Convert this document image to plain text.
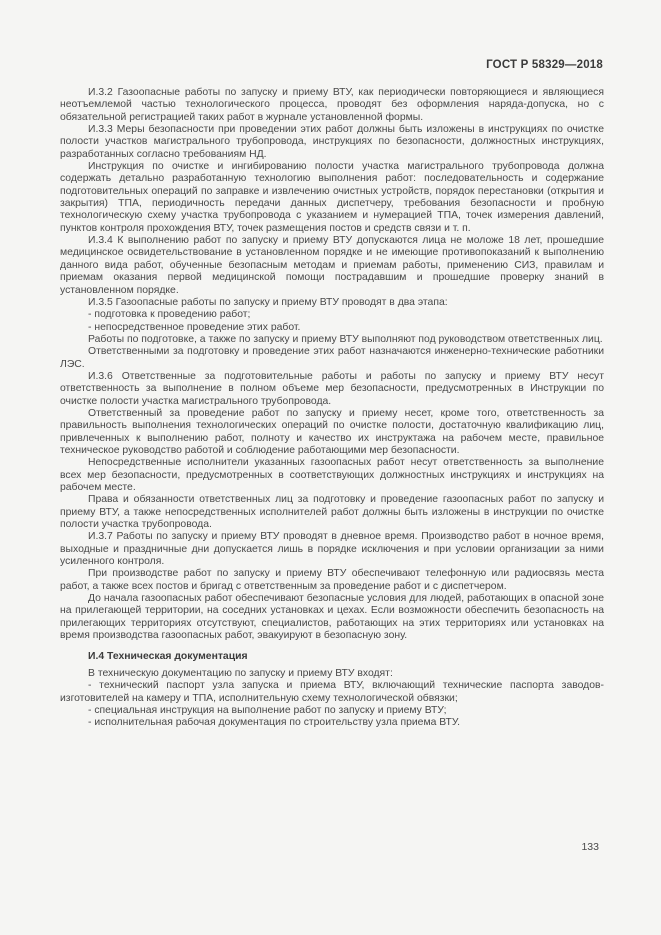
ГОСТ Р 58329—2018

И.3.2 Газоопасные работы по запуску и приему ВТУ, как периодически повторяющиеся и являющиеся неотъемлемой частью технологического процесса, проводят без оформления наряда-допуска, но с обязательной регистрацией таких работ в журнале установленной формы.

И.3.3 Меры безопасности при проведении этих работ должны быть изложены в инструкциях по очистке полости участков магистрального трубопровода, инструкциях по безопасности, должностных инструкциях, разработанных согласно требованиям НД.

Инструкция по очистке и ингибированию полости участка магистрального трубопровода должна содержать детально разработанную технологию выполнения работ: последовательность и содержание подготовительных операций по заправке и извлечению очистных устройств, порядок перестановки (открытия и закрытия) ТПА, периодичность передачи данных диспетчеру, требования безопасности и пробную технологическую схему участка трубопровода с указанием и нумерацией ТПА, точек измерения давлений, пунктов контроля прохождения ВТУ, точек размещения постов и средств связи и т. п.

И.3.4 К выполнению работ по запуску и приему ВТУ допускаются лица не моложе 18 лет, прошедшие медицинское освидетельствование в установленном порядке и не имеющие противопоказаний к выполнению данного вида работ, обученные безопасным методам и приемам работы, применению СИЗ, правилам и приемам оказания первой медицинской помощи пострадавшим и прошедшие проверку знаний в установленном порядке.

И.3.5 Газоопасные работы по запуску и приему ВТУ проводят в два этапа:

- подготовка к проведению работ;

- непосредственное проведение этих работ.

Работы по подготовке, а также по запуску и приему ВТУ выполняют под руководством ответственных лиц.

Ответственными за подготовку и проведение этих работ назначаются инженерно-технические работники ЛЭС.

И.3.6 Ответственные за подготовительные работы и работы по запуску и приему ВТУ несут ответственность за выполнение в полном объеме мер безопасности, предусмотренных в Инструкции по очистке полости участка магистрального трубопровода.

Ответственный за проведение работ по запуску и приему несет, кроме того, ответственность за правильность выполнения технологических операций по очистке полости, достаточную квалификацию лиц, привлеченных к выполнению работ, полноту и качество их инструктажа на рабочем месте, правильное техническое руководство работой и соблюдение работающими мер безопасности.

Непосредственные исполнители указанных газоопасных работ несут ответственность за выполнение всех мер безопасности, предусмотренных в соответствующих должностных инструкциях и инструкциях на рабочем месте.

Права и обязанности ответственных лиц за подготовку и проведение газоопасных работ по запуску и приему ВТУ, а также непосредственных исполнителей работ должны быть изложены в инструкции по очистке полости участка трубопровода.

И.3.7 Работы по запуску и приему ВТУ проводят в дневное время. Производство работ в ночное время, выходные и праздничные дни допускается лишь в порядке исключения и при условии организации за ними усиленного контроля.

При производстве работ по запуску и приему ВТУ обеспечивают телефонную или радиосвязь места работ, а также всех постов и бригад с ответственным за проведение работ и с диспетчером.

До начала газоопасных работ обеспечивают безопасные условия для людей, работающих в опасной зоне на прилегающей территории, на соседних установках и цехах. Если возможности обеспечить безопасность на прилегающих территориях отсутствуют, специалистов, работающих на этих территориях или установках на время производства газоопасных работ, эвакуируют в безопасную зону.

И.4 Техническая документация

В техническую документацию по запуску и приему ВТУ входят:

- технический паспорт узла запуска и приема ВТУ, включающий технические паспорта заводов-изготовителей на камеру и ТПА, исполнительную схему технологической обвязки;

- специальная инструкция на выполнение работ по запуску и приему ВТУ;

- исполнительная рабочая документация по строительству узла приема ВТУ.

133
